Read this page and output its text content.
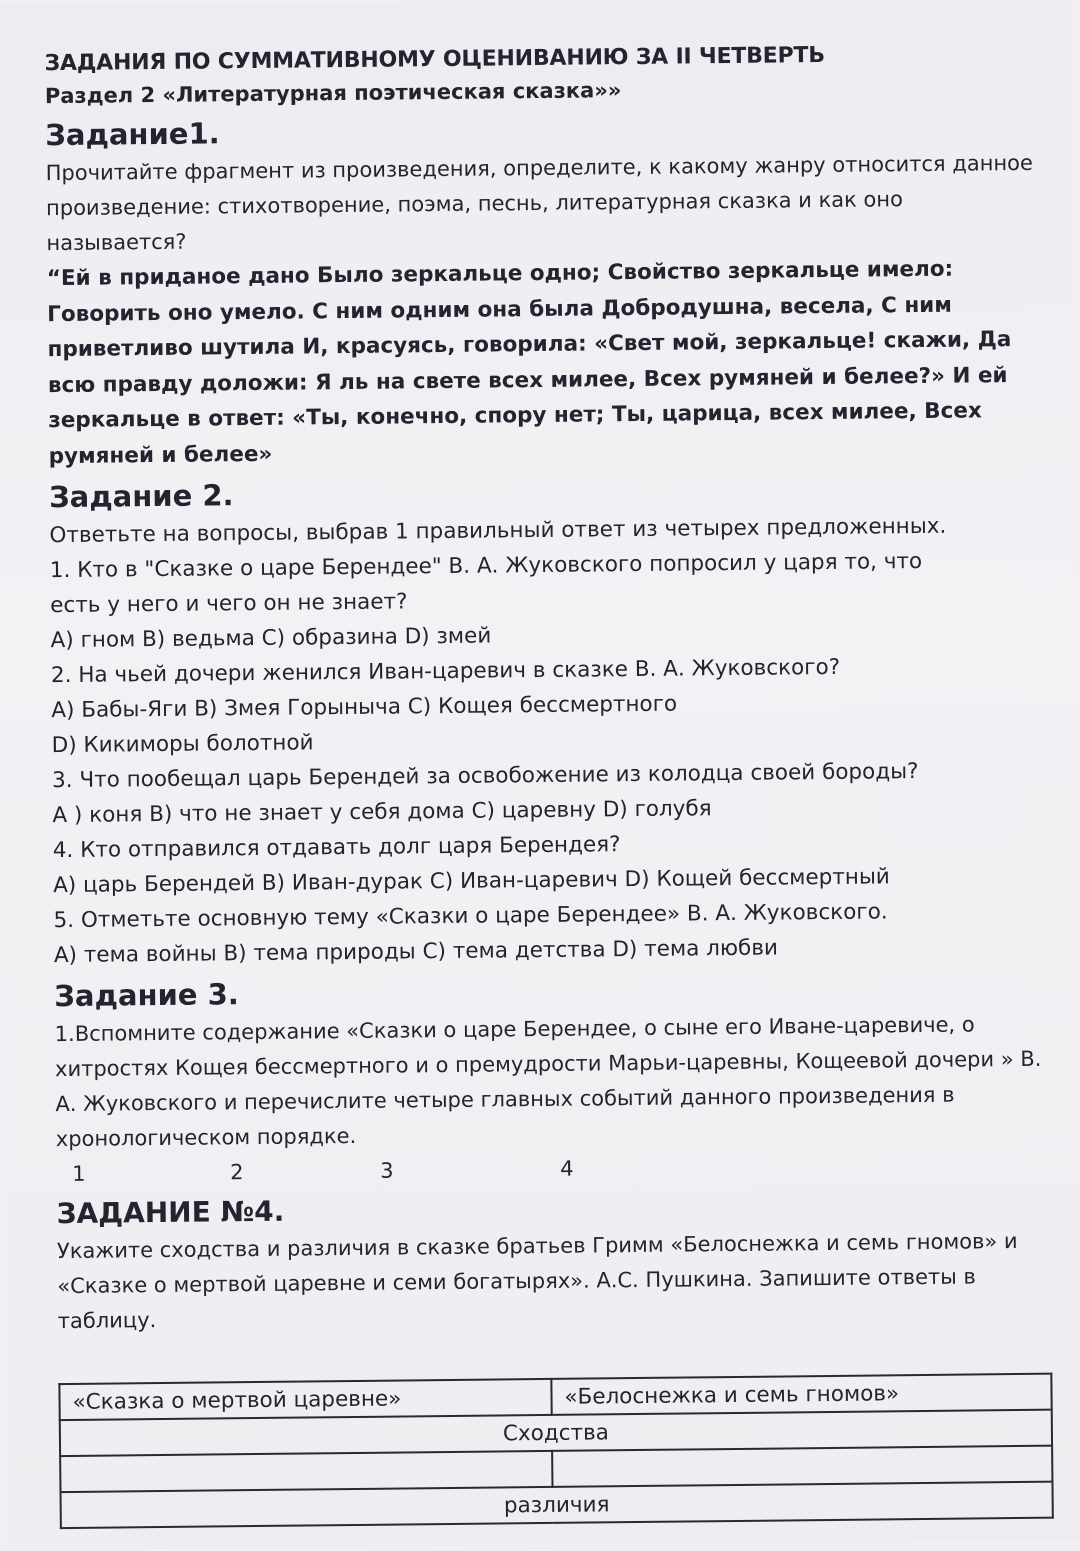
ЗАДАНИЯ ПО СУММАТИВНОМУ ОЦЕНИВАНИЮ ЗА II ЧЕТВЕРТЬ
Раздел 2 «Литературная поэтическая сказка»»
Задание1.

Прочитайте фрагмент из произведения, определите, к какому жанру относится данное произведение: стихотворение, поэма, песнь, литературная сказка и как оно называется?

“Ей в приданое дано Было зеркальце одно; Свойство зеркальце имело: Говорить оно умело. С ним одним она была Добродушна, весела, С ним приветливо шутила И, красуясь, говорила: «Свет мой, зеркальце! скажи, Да всю правду доложи: Я ль на свете всех милее, Всех румяней и белее?» И ей зеркальце в ответ: «Ты, конечно, спору нет; Ты, царица, всех милее, Всех румяней и белее»

Задание 2.

Ответьте на вопросы, выбрав 1 правильный ответ из четырех предложенных.

1. Кто в "Сказке о царе Берендее" В. А. Жуковского попросил у царя то, что

есть у него и чего он не знает?

А) гном В) ведьма С) образина D) змей

2. На чьей дочери женился Иван-царевич в сказке В. А. Жуковского?

А) Бабы-Яги В) Змея Горыныча С) Кощея бессмертного

D) Кикиморы болотной

3. Что пообещал царь Берендей за освобожение из колодца своей бороды?

А ) коня В) что не знает у себя дома С) царевну D) голубя

4. Кто отправился отдавать долг царя Берендея?

А) царь Берендей В) Иван-дурак С) Иван-царевич D) Кощей бессмертный

5. Отметьте основную тему «Сказки о царе Берендее» В. А. Жуковского.

А) тема войны В) тема природы С) тема детства D) тема любви

Задание 3.

1.Вспомните содержание «Сказки о царе Берендее, о сыне его Иване-царевиче, о хитростях Кощея бессмертного и о премудрости Марьи-царевны, Кощеевой дочери » В. А. Жуковского и перечислите четыре главных событий данного произведения в хронологическом порядке.

1	2	3	4
ЗАДАНИЕ №4.

Укажите сходства и различия в сказке братьев Гримм «Белоснежка и семь гномов» и «Сказке о мертвой царевне и семи богатырях». А.С. Пушкина. Запишите ответы в таблицу.

«Сказка о мертвой царевне»	«Белоснежка и семь гномов»
Сходства	

различия	
